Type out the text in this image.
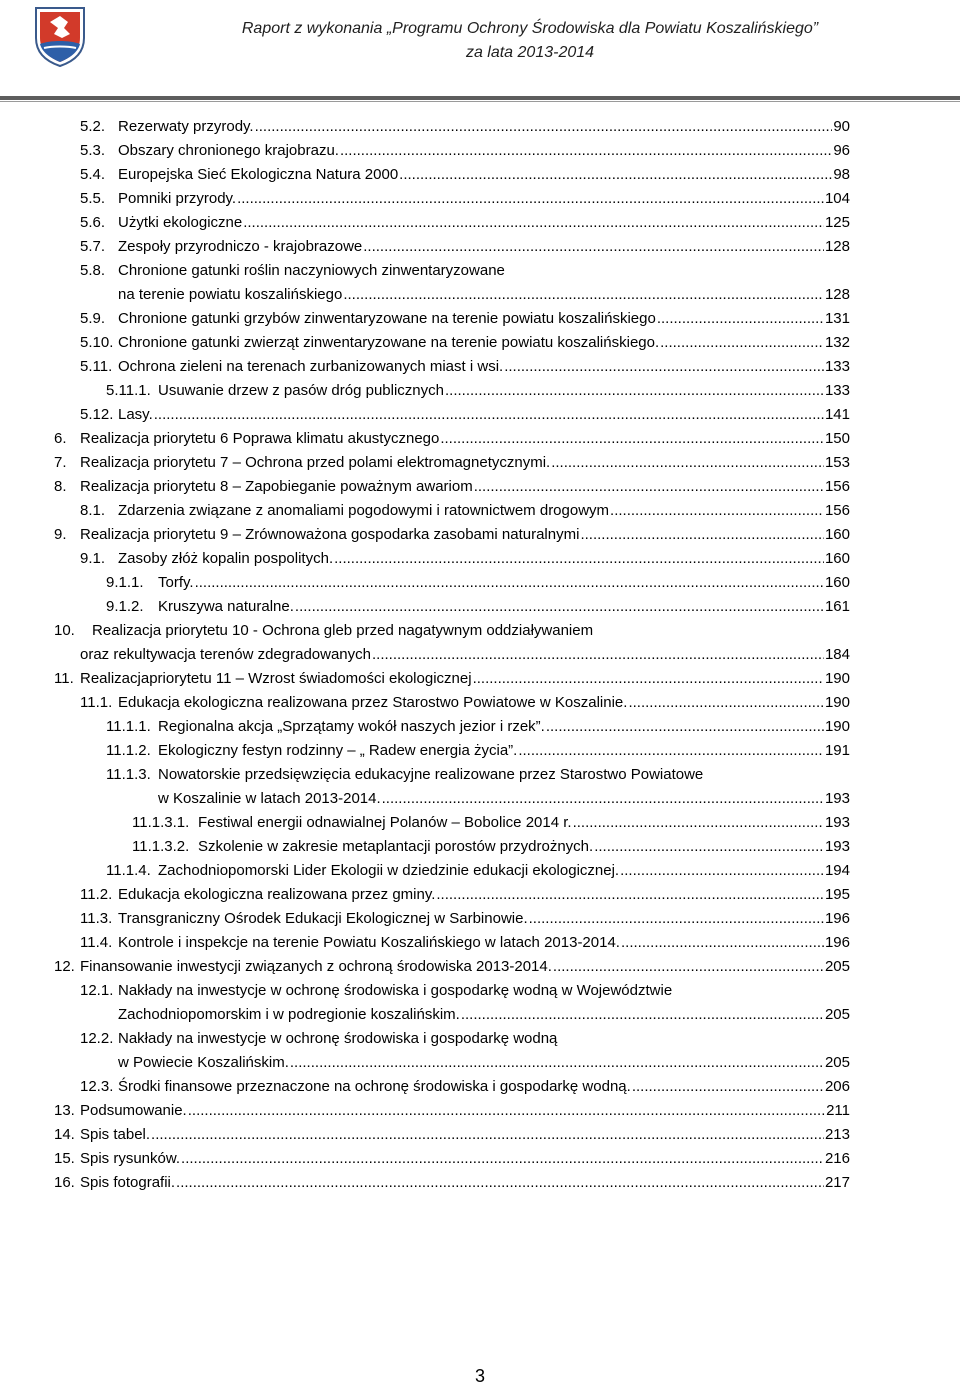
Raport z wykonania „Programu Ochrony Środowiska dla Powiatu Koszalińskiego”
za lata 2013-2014
5.2. Rezerwaty przyrody. .....	90
5.3. Obszary chronionego krajobrazu. .....	96
5.4. Europejska Sieć Ekologiczna Natura 2000 .....	98
5.5. Pomniki przyrody. .....	104
5.6. Użytki ekologiczne .....	125
5.7. Zespoły przyrodniczo - krajobrazowe .....	128
5.8. Chronione gatunki roślin naczyniowych zinwentaryzowane
na terenie powiatu koszalińskiego .....	128
5.9. Chronione gatunki grzybów zinwentaryzowane na terenie powiatu koszalińskiego .....	131
5.10. Chronione gatunki zwierząt zinwentaryzowane na terenie powiatu koszalińskiego. .....	132
5.11. Ochrona zieleni na terenach zurbanizowanych miast i wsi. .....	133
5.11.1. Usuwanie drzew z pasów dróg publicznych .....	133
5.12. Lasy. .....	141
6. Realizacja priorytetu 6 Poprawa klimatu akustycznego .....	150
7. Realizacja priorytetu 7 – Ochrona przed polami elektromagnetycznymi. .....	153
8. Realizacja priorytetu 8 – Zapobieganie poważnym awariom .....	156
8.1. Zdarzenia związane z anomaliami pogodowymi i ratownictwem drogowym .....	156
9. Realizacja priorytetu 9 – Zrównoważona gospodarka zasobami naturalnymi .....	160
9.1. Zasoby złóż kopalin pospolitych. .....	160
9.1.1. Torfy. .....	160
9.1.2. Kruszywa naturalne. .....	161
10. Realizacja priorytetu 10 - Ochrona gleb przed nagatywnym oddziaływaniem
oraz rekultywacja terenów zdegradowanych .....	184
11. Realizacjapriorytetu 11 – Wzrost świadomości ekologicznej .....	190
11.1. Edukacja ekologiczna realizowana przez Starostwo Powiatowe w Koszalinie. .....	190
11.1.1. Regionalna akcja „Sprzątamy wokół naszych jezior i rzek”. .....	190
11.1.2. Ekologiczny festyn rodzinny – „ Radew energia życia”. .....	191
11.1.3. Nowatorskie przedsięwzięcia edukacyjne realizowane przez Starostwo Powiatowe
w Koszalinie w latach 2013-2014. .....	193
11.1.3.1. Festiwal energii odnawialnej Polanów – Bobolice 2014 r. .....	193
11.1.3.2. Szkolenie w zakresie metaplantacji porostów przydrożnych. .....	193
11.1.4. Zachodniopomorski Lider Ekologii w dziedzinie edukacji ekologicznej. .....	194
11.2. Edukacja ekologiczna realizowana przez gminy. .....	195
11.3. Transgraniczny Ośrodek Edukacji Ekologicznej w Sarbinowie. .....	196
11.4. Kontrole i inspekcje na terenie Powiatu Koszalińskiego w latach 2013-2014. .....	196
12. Finansowanie inwestycji związanych z ochroną środowiska 2013-2014. .....	205
12.1. Nakłady na inwestycje w ochronę środowiska i gospodarkę wodną w Województwie
Zachodniopomorskim i w podregionie koszalińskim. .....	205
12.2. Nakłady na inwestycje w ochronę środowiska i gospodarkę wodną
w Powiecie Koszalińskim. .....	205
12.3. Środki finansowe przeznaczone na ochronę środowiska i gospodarkę wodną. .....	206
13. Podsumowanie. .....	211
14. Spis tabel. .....	213
15. Spis rysunków. .....	216
16. Spis fotografii. .....	217
3
